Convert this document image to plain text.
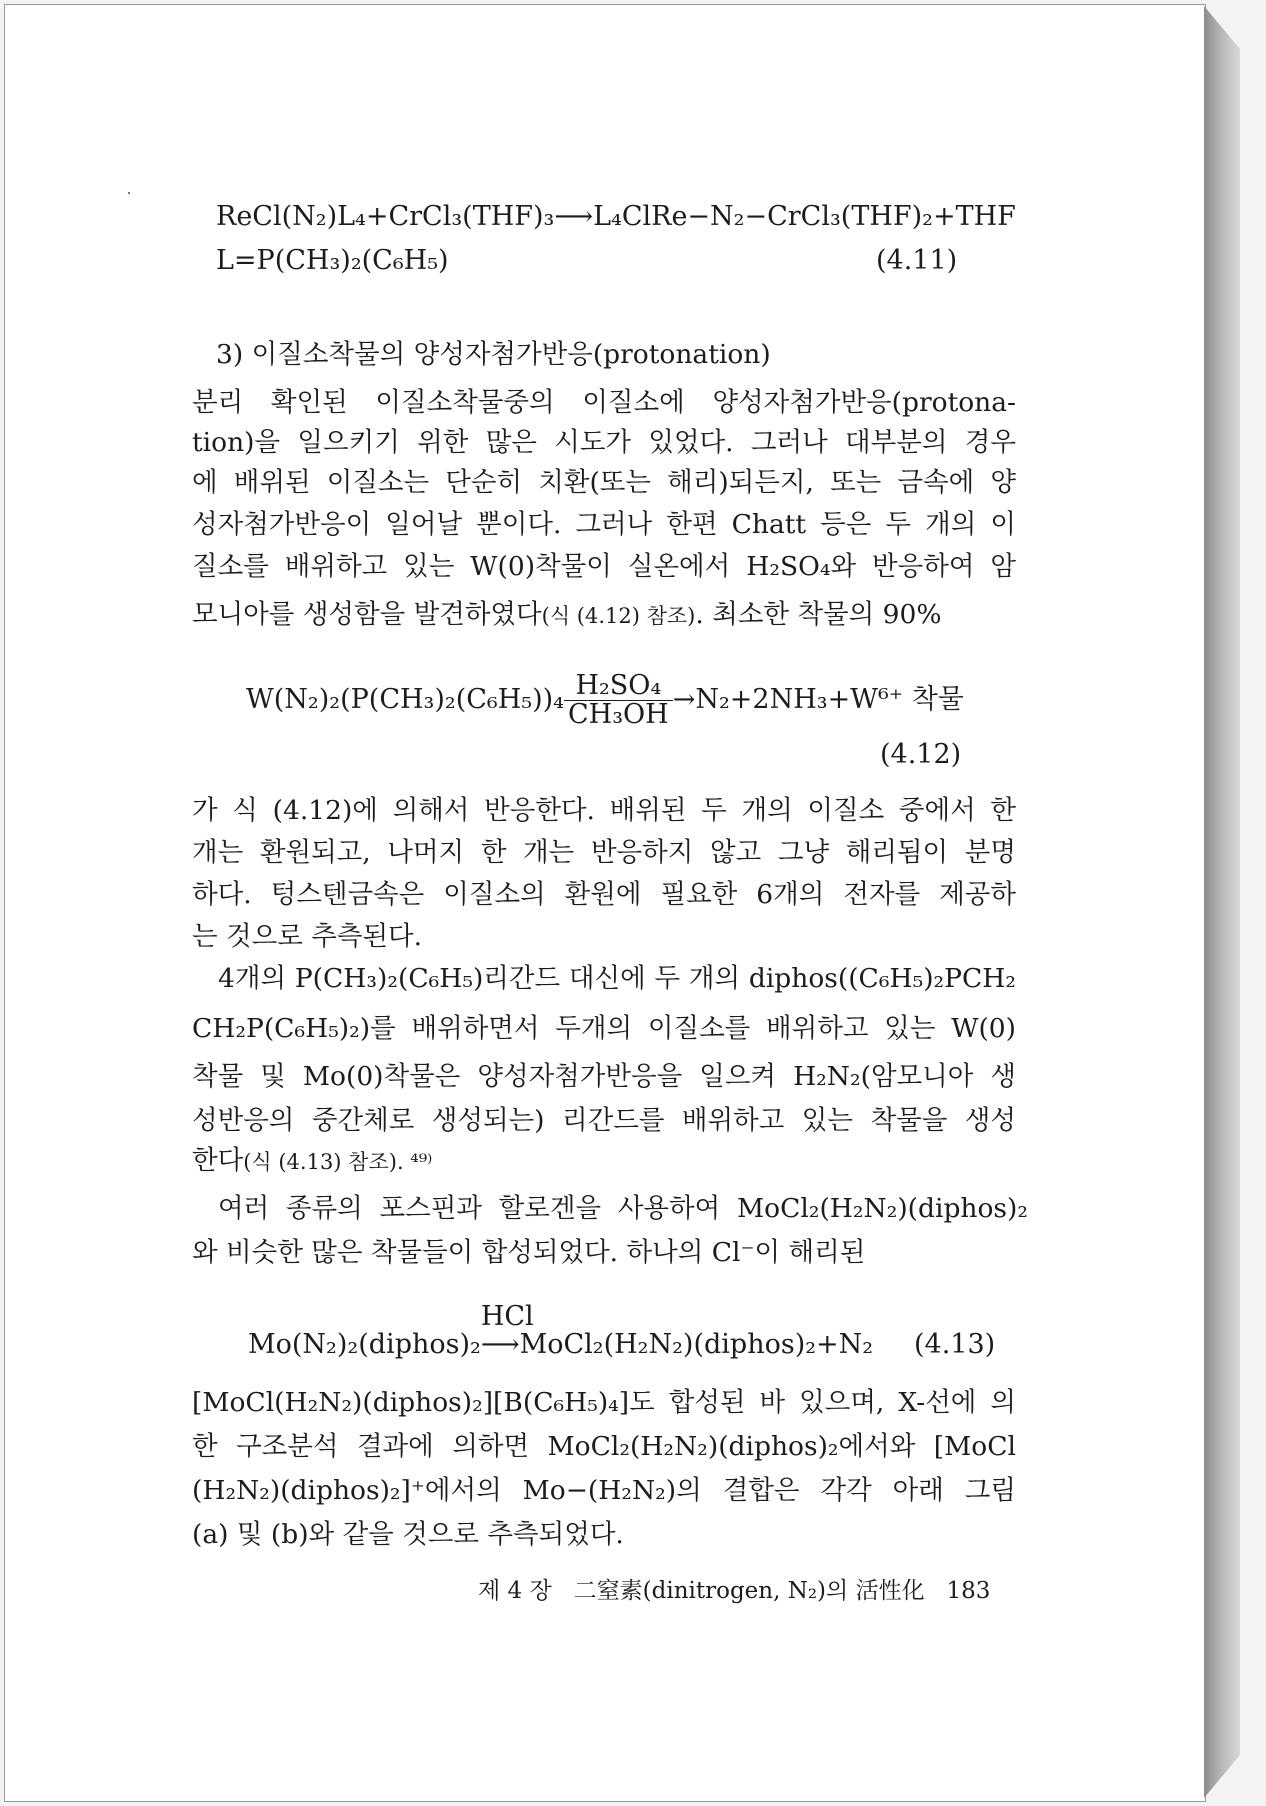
ReCl(N₂)L₄+CrCl₃(THF)₃⟶L₄ClRe−N₂−CrCl₃(THF)₂+THF
L=P(CH₃)₂(C₆H₅)	(4.11)
3) 이질소착물의 양성자첨가반응(protonation)
분리 확인된 이질소착물중의 이질소에 양성자첨가반응(protona-
tion)을 일으키기 위한 많은 시도가 있었다. 그러나 대부분의 경우
에 배위된 이질소는 단순히 치환(또는 해리)되든지, 또는 금속에 양
성자첨가반응이 일어날 뿐이다. 그러나 한편 Chatt 등은 두 개의 이
질소를 배위하고 있는 W(0)착물이 실온에서 H₂SO₄와 반응하여 암
모니아를 생성함을 발견하였다(식 (4.12) 참조). 최소한 착물의 90%
$W(N_2)_2(P(CH_3)_2(C_6H_5))_4 \frac{\text{H₂SO₄}}{\text{CH₃OH}} \to N_2+2NH_3+W^{6+}$ 착물
(4.12)
가 식 (4.12)에 의해서 반응한다. 배위된 두 개의 이질소 중에서 한
개는 환원되고, 나머지 한 개는 반응하지 않고 그냥 해리됨이 분명
하다. 텅스텐금속은 이질소의 환원에 필요한 6개의 전자를 제공하
는 것으로 추측된다.
4개의 P(CH₃)₂(C₆H₅)리간드 대신에 두 개의 diphos((C₆H₅)₂PCH₂
CH₂P(C₆H₅)₂)를 배위하면서 두개의 이질소를 배위하고 있는 W(0)
착물 및 Mo(0)착물은 양성자첨가반응을 일으켜 H₂N₂(암모니아 생
성반응의 중간체로 생성되는) 리간드를 배위하고 있는 착물을 생성
한다(식 (4.13) 참조). ⁴⁹⁾
여러 종류의 포스핀과 할로겐을 사용하여 MoCl₂(H₂N₂)(diphos)₂
와 비슷한 많은 착물들이 합성되었다. 하나의 Cl⁻이 해리된
Mo(N₂)₂(diphos)₂
HCl
⟶MoCl₂(H₂N₂)(diphos)₂+N₂ (4.13)
[MoCl(H₂N₂)(diphos)₂][B(C₆H₅)₄]도 합성된 바 있으며, X-선에 의
한 구조분석 결과에 의하면 MoCl₂(H₂N₂)(diphos)₂에서와 [MoCl
(H₂N₂)(diphos)₂]⁺에서의 Mo−(H₂N₂)의 결합은 각각 아래 그림
(a) 및 (b)와 같을 것으로 추측되었다.
제 4 장 二窒素(dinitrogen, N₂)의 活性化 183
